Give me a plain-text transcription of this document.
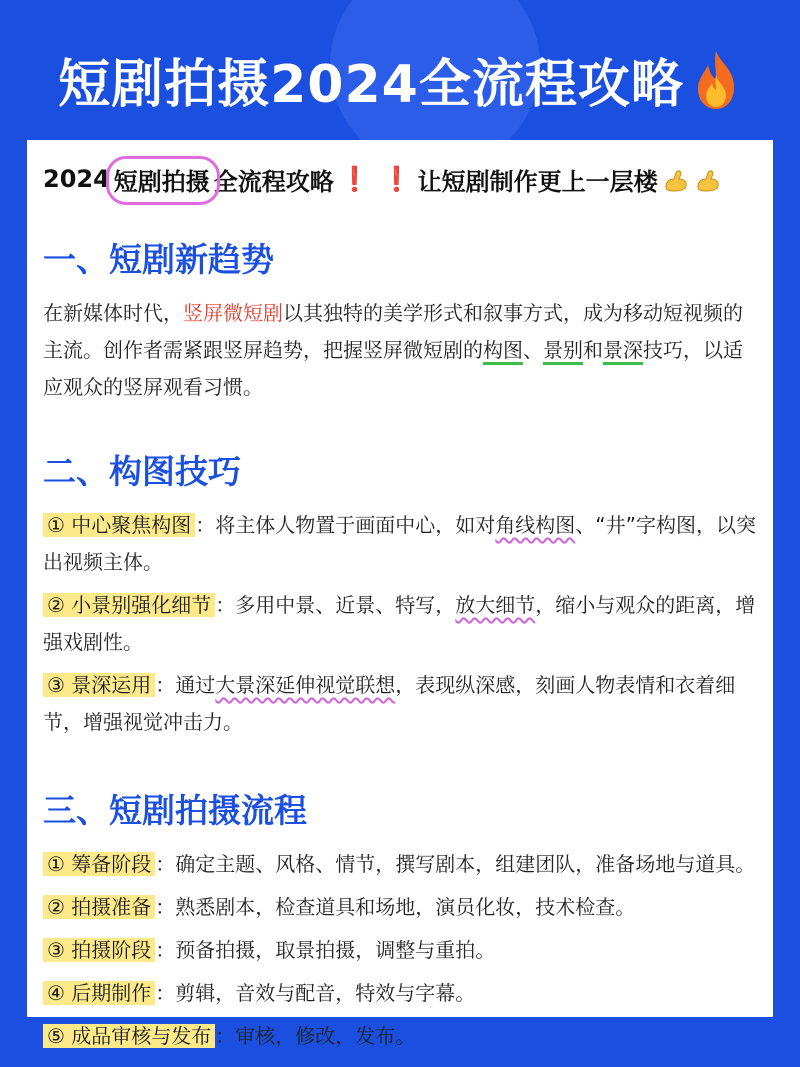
短剧拍摄2024全流程攻略
2024 短剧拍摄 全流程攻略 ❗ ❗ 让短剧制作更上一层楼
一、短剧新趋势

在新媒体时代，竖屏微短剧以其独特的美学形式和叙事方式，成为移动短视频的主流。创作者需紧跟竖屏趋势，把握竖屏微短剧的构图、景别和景深技巧，以适应观众的竖屏观看习惯。

二、构图技巧
① 中心聚焦构图 ：将主体人物置于画面中心，如对角线构图、“井”字构图，以突出视频主体。
② 小景别强化细节 ：多用中景、近景、特写，放大细节，缩小与观众的距离，增强戏剧性。
③ 景深运用 ：通过大景深延伸视觉联想，表现纵深感，刻画人物表情和衣着细节，增强视觉冲击力。
三、短剧拍摄流程
① 筹备阶段 ：确定主题、风格、情节，撰写剧本，组建团队，准备场地与道具。
② 拍摄准备 ：熟悉剧本，检查道具和场地，演员化妆，技术检查。
③ 拍摄阶段 ：预备拍摄，取景拍摄，调整与重拍。
④ 后期制作 ：剪辑，音效与配音，特效与字幕。
⑤ 成品审核与发布 ：审核，修改，发布。
